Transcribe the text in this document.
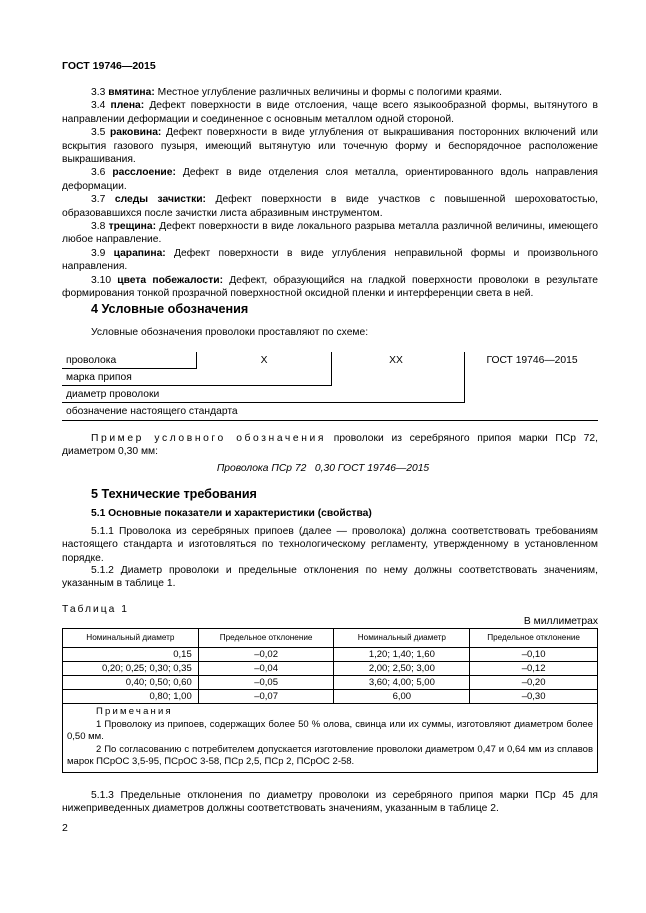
ГОСТ 19746—2015

3.3 вмятина: Местное углубление различных величины и формы с пологими краями.

3.4 плена: Дефект поверхности в виде отслоения, чаще всего языкообразной формы, вытянутого в направлении деформации и соединенное с основным металлом одной стороной.

3.5 раковина: Дефект поверхности в виде углубления от выкрашивания посторонних включений или вскрытия газового пузыря, имеющий вытянутую или точечную форму и беспорядочное расположение выкрашивания.

3.6 расслоение: Дефект в виде отделения слоя металла, ориентированного вдоль направления деформации.

3.7 следы зачистки: Дефект поверхности в виде участков с повышенной шероховатостью, образовавшихся после зачистки листа абразивным инструментом.

3.8 трещина: Дефект поверхности в виде локального разрыва металла различной величины, имеющего любое направление.

3.9 царапина: Дефект поверхности в виде углубления неправильной формы и произвольного направления.

3.10 цвета побежалости: Дефект, образующийся на гладкой поверхности проволоки в результате формирования тонкой прозрачной поверхностной оксидной пленки и интерференции света в ней.

4 Условные обозначения

Условные обозначения проволоки проставляют по схеме:

проволока
марка припоя
диаметр проволоки
обозначение настоящего стандарта
X	XX	ГОСТ 19746—2015

Пример условного обозначения проволоки из серебряного припоя марки ПСр 72, диаметром 0,30 мм:

Проволока ПСр 72   0,30 ГОСТ 19746—2015

5 Технические требования

5.1 Основные показатели и характеристики (свойства)

5.1.1 Проволока из серебряных припоев (далее — проволока) должна соответствовать требованиям настоящего стандарта и изготовляться по технологическому регламенту, утвержденному в установленном порядке.

5.1.2 Диаметр проволоки и предельные отклонения по нему должны соответствовать значениям, указанным в таблице 1.

Таблица 1
В миллиметрах
Номинальный диаметр	Предельное отклонение	Номинальный диаметр	Предельное отклонение
0,15	–0,02	1,20; 1,40; 1,60	–0,10
0,20; 0,25; 0,30; 0,35	–0,04	2,00; 2,50; 3,00	–0,12
0,40; 0,50; 0,60	–0,05	3,60; 4,00; 5,00	–0,20
0,80; 1,00	–0,07	6,00	–0,30

Примечания

1 Проволоку из припоев, содержащих более 50 % олова, свинца или их суммы, изготовляют диаметром более 0,50 мм.

2 По согласованию с потребителем допускается изготовление проволоки диаметром 0,47 и 0,64 мм из сплавов марок ПСрОС 3,5-95, ПСрОС 3-58, ПСр 2,5, ПСр 2, ПСрОС 2-58.			

5.1.3 Предельные отклонения по диаметру проволоки из серебряного припоя марки ПСр 45 для нижеприведенных диаметров должны соответствовать значениям, указанным в таблице 2.

2
